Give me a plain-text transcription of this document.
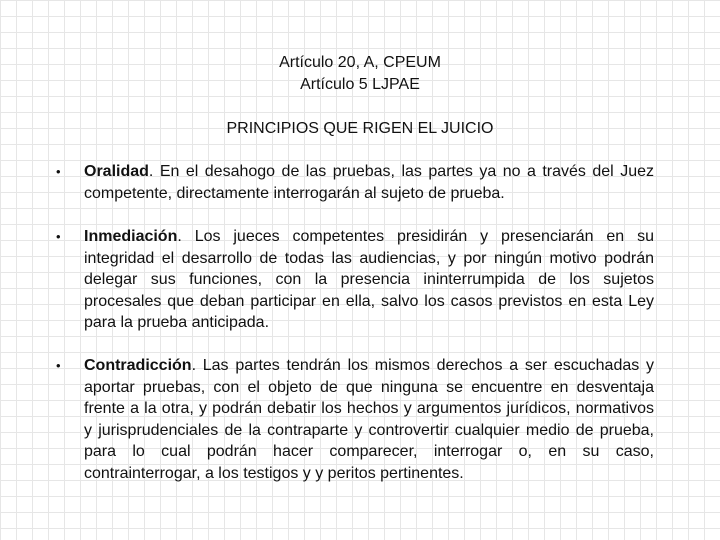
Artículo 20, A, CPEUM
Artículo 5 LJPAE
PRINCIPIOS QUE RIGEN EL JUICIO
• Oralidad. En el desahogo de las pruebas, las partes ya no a través del Juez competente, directamente interrogarán al sujeto de prueba.
• Inmediación. Los jueces competentes presidirán y presenciarán en su integridad el desarrollo de todas las audiencias, y por ningún motivo podrán delegar sus funciones, con la presencia ininterrumpida de los sujetos procesales que deban participar en ella, salvo los casos previstos en esta Ley para la prueba anticipada.
• Contradicción. Las partes tendrán los mismos derechos a ser escuchadas y aportar pruebas, con el objeto de que ninguna se encuentre en desventaja frente a la otra, y podrán debatir los hechos y argumentos jurídicos, normativos y jurisprudenciales de la contraparte y controvertir cualquier medio de prueba, para lo cual podrán hacer comparecer, interrogar o, en su caso, contrainterrogar, a los testigos y y peritos pertinentes.
